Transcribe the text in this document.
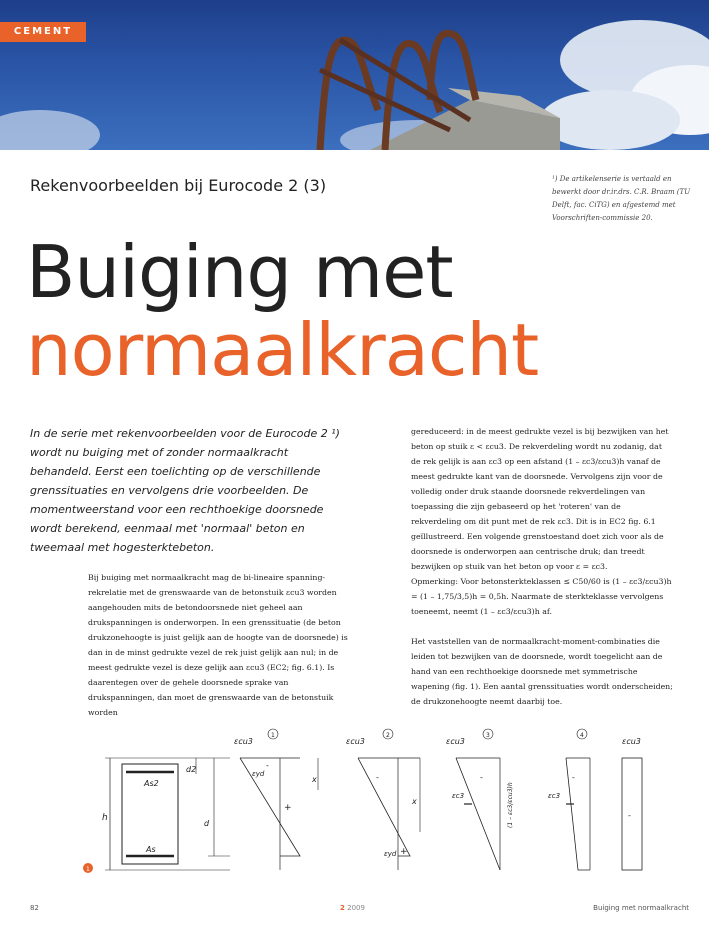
CEMENT
Rekenvoorbeelden bij Eurocode 2 (3)	¹) De artikelenserie is vertaald en bewerkt door dr.ir.drs. C.R. Braam (TU Delft, fac. CiTG) en afgestemd met Voorschriften-commissie 20.
Buiging met
normaalkracht
In de serie met rekenvoorbeelden voor de Eurocode 2 ¹) wordt nu buiging met of zonder normaalkracht behandeld. Eerst een toelichting op de verschillende grenssituaties en vervolgens drie voorbeelden. De momentweerstand voor een rechthoekige doorsnede wordt berekend, eenmaal met 'normaal' beton en tweemaal met hogesterktebeton.

Bij buiging met normaalkracht mag de bi-lineaire spanning-rekrelatie met de grenswaarde van de betonstuik εcu3 worden aangehouden mits de betondoorsnede niet geheel aan drukspanningen is onderworpen. In een grenssituatie (de beton drukzonehoogte is juist gelijk aan de hoogte van de doorsnede) is dan in de minst gedrukte vezel de rek juist gelijk aan nul; in de meest gedrukte vezel is deze gelijk aan εcu3 (EC2; fig. 6.1). Is daarentegen over de gehele doorsnede sprake van drukspanningen, dan moet de grenswaarde van de betonstuik worden

gereduceerd: in de meest gedrukte vezel is bij bezwijken van het beton op stuik ε < εcu3. De rekverdeling wordt nu zodanig, dat de rek gelijk is aan εc3 op een afstand (1 – εc3/εcu3)h vanaf de meest gedrukte kant van de doorsnede. Vervolgens zijn voor de volledig onder druk staande doorsnede rekverdelingen van toepassing die zijn gebaseerd op het 'roteren' van de rekverdeling om dit punt met de rek εc3. Dit is in EC2 fig. 6.1 geïllustreerd. Een volgende grenstoestand doet zich voor als de doorsnede is onderworpen aan centrische druk; dan treedt bezwijken op stuik van het beton op voor ε = εc3.
Opmerking: Voor betonsterkteklassen ≤ C50/60 is (1 – εc3/εcu3)h = (1 – 1,75/3,5)h = 0,5h. Naarmate de sterkteklasse vervolgens toeneemt, neemt (1 – εc3/εcu3)h af.

Het vaststellen van de normaalkracht-moment-combinaties die leiden tot bezwijken van de doorsnede, wordt toegelicht aan de hand van een rechthoekige doorsnede met symmetrische wapening (fig. 1). Een aantal grenssituaties wordt onderscheiden; de drukzonehoogte neemt daarbij toe.

h
As2
As
d2
d
1
εcu3
1
x
εyd
-
+
εcu3
2
x
-
εyd +
εcu3
3
εc3
-
(1 – εc3/εcu3)h
4
εc3
-
εcu3
-
82	2 2009	Buiging met normaalkracht
